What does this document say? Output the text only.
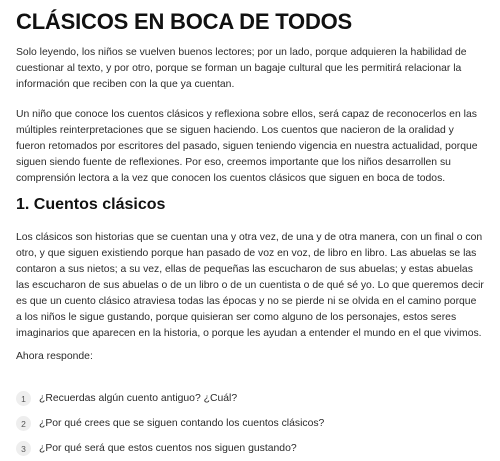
CLÁSICOS EN BOCA DE TODOS

Solo leyendo, los niños se vuelven buenos lectores; por un lado, porque adquieren la habilidad de cuestionar al texto, y por otro, porque se forman un bagaje cultural que les permitirá relacionar la información que reciben con la que ya cuentan.

Un niño que conoce los cuentos clásicos y reflexiona sobre ellos, será capaz de reconocerlos en las múltiples reinterpretaciones que se siguen haciendo. Los cuentos que nacieron de la oralidad y fueron retomados por escritores del pasado, siguen teniendo vigencia en nuestra actualidad, porque siguen siendo fuente de reflexiones. Por eso, creemos importante que los niños desarrollen su comprensión lectora a la vez que conocen los cuentos clásicos que siguen en boca de todos.

1. Cuentos clásicos

Los clásicos son historias que se cuentan una y otra vez, de una y de otra manera, con un final o con otro, y que siguen existiendo porque han pasado de voz en voz, de libro en libro. Las abuelas se las contaron a sus nietos; a su vez, ellas de pequeñas las escucharon de sus abuelas; y estas abuelas las escucharon de sus abuelas o de un libro o de un cuentista o de qué sé yo. Lo que queremos decir es que un cuento clásico atraviesa todas las épocas y no se pierde ni se olvida en el camino porque a los niños le sigue gustando, porque quisieran ser como alguno de los personajes, estos seres imaginarios que aparecen en la historia, o porque les ayudan a entender el mundo en el que vivimos.

Ahora responde:

1	¿Recuerdas algún cuento antiguo? ¿Cuál?
2	¿Por qué crees que se siguen contando los cuentos clásicos?
3	¿Por qué será que estos cuentos nos siguen gustando?
